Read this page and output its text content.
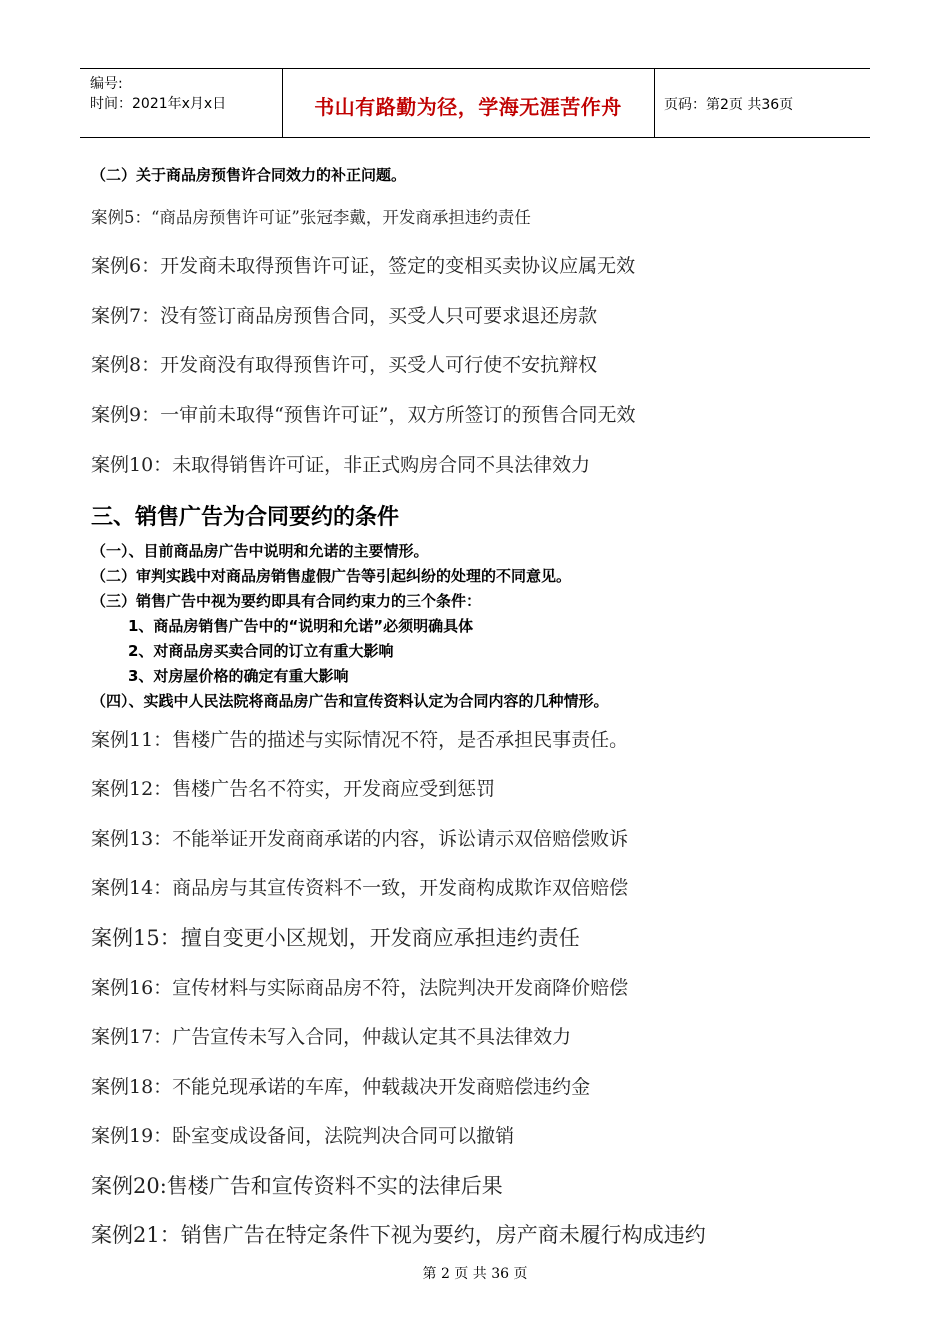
编号:
时间：2021年x月x日	书山有路勤为径，学海无涯苦作舟	页码：第2页 共36页
（二）关于商品房预售许合同效力的补正问题。
案例5：“商品房预售许可证”张冠李戴，开发商承担违约责任
案例6：开发商未取得预售许可证，签定的变相买卖协议应属无效
案例7：没有签订商品房预售合同，买受人只可要求退还房款
案例8：开发商没有取得预售许可，买受人可行使不安抗辩权
案例9：一审前未取得“预售许可证”，双方所签订的预售合同无效
案例10：未取得销售许可证，非正式购房合同不具法律效力
三、销售广告为合同要约的条件
（一）、目前商品房广告中说明和允诺的主要情形。
（二）审判实践中对商品房销售虚假广告等引起纠纷的处理的不同意见。
（三）销售广告中视为要约即具有合同约束力的三个条件：
1、商品房销售广告中的“说明和允诺”必须明确具体
2、对商品房买卖合同的订立有重大影响
3、对房屋价格的确定有重大影响
（四）、实践中人民法院将商品房广告和宣传资料认定为合同内容的几种情形。
案例11：售楼广告的描述与实际情况不符，是否承担民事责任。
案例12：售楼广告名不符实，开发商应受到惩罚
案例13：不能举证开发商商承诺的内容，诉讼请示双倍赔偿败诉
案例14：商品房与其宣传资料不一致，开发商构成欺诈双倍赔偿
案例15：擅自变更小区规划，开发商应承担违约责任
案例16：宣传材料与实际商品房不符，法院判决开发商降价赔偿
案例17：广告宣传未写入合同，仲裁认定其不具法律效力
案例18：不能兑现承诺的车库，仲载裁决开发商赔偿违约金
案例19：卧室变成设备间，法院判决合同可以撤销
案例20:售楼广告和宣传资料不实的法律后果
案例21：销售广告在特定条件下视为要约，房产商未履行构成违约
第 2 页 共 36 页
